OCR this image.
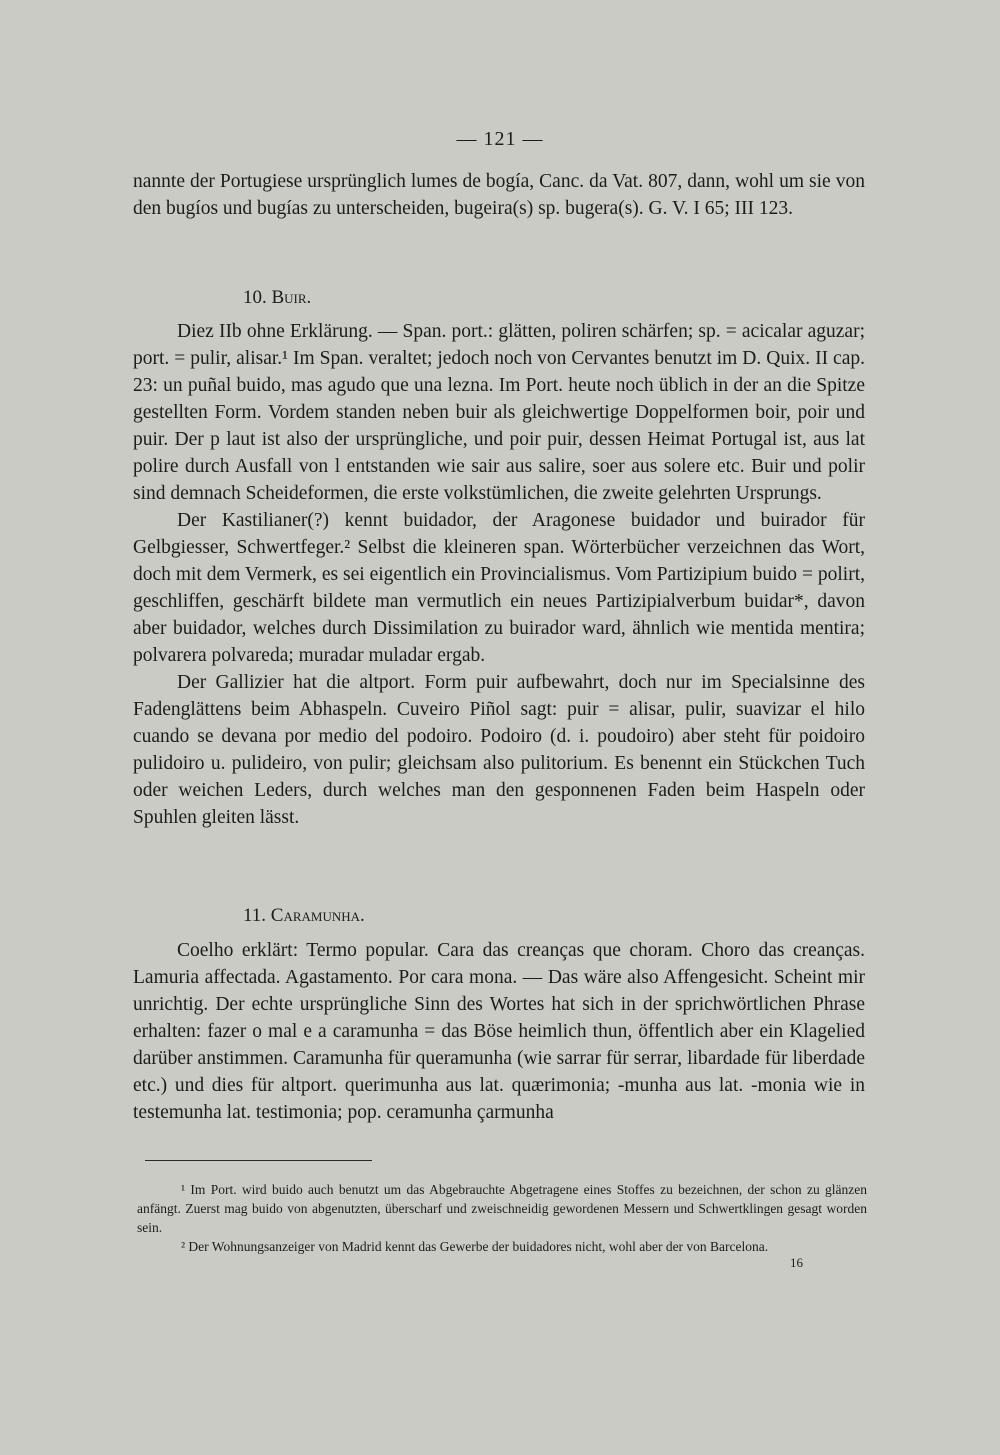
— 121 —

nannte der Portugiese ursprünglich lumes de bogía, Canc. da Vat. 807, dann, wohl um sie von den bugíos und bugías zu unterscheiden, bugeira(s) sp. bugera(s). G. V. I 65; III 123.

10. Buir.

Diez IIb ohne Erklärung. — Span. port.: glätten, poliren schärfen; sp. = acicalar aguzar; port. = pulir, alisar.¹ Im Span. veraltet; jedoch noch von Cervantes benutzt im D. Quix. II cap. 23: un puñal buido, mas agudo que una lezna. Im Port. heute noch üblich in der an die Spitze gestellten Form. Vordem standen neben buir als gleichwertige Doppelformen boir, poir und puir. Der p laut ist also der ursprüngliche, und poir puir, dessen Heimat Portugal ist, aus lat polire durch Ausfall von l entstanden wie sair aus salire, soer aus solere etc. Buir und polir sind demnach Scheideformen, die erste volkstümlichen, die zweite gelehrten Ursprungs.

Der Kastilianer(?) kennt buidador, der Aragonese buidador und buirador für Gelbgiesser, Schwertfeger.² Selbst die kleineren span. Wörterbücher verzeichnen das Wort, doch mit dem Vermerk, es sei eigentlich ein Provincialismus. Vom Partizipium buido = polirt, geschliffen, geschärft bildete man vermutlich ein neues Partizipialverbum buidar*, davon aber buidador, welches durch Dissimilation zu buirador ward, ähnlich wie mentida mentira; polvarera polvareda; muradar muladar ergab.

Der Gallizier hat die altport. Form puir aufbewahrt, doch nur im Specialsinne des Fadenglättens beim Abhaspeln. Cuveiro Piñol sagt: puir = alisar, pulir, suavizar el hilo cuando se devana por medio del podoiro. Podoiro (d. i. poudoiro) aber steht für poidoiro pulidoiro u. pulideiro, von pulir; gleichsam also pulitorium. Es benennt ein Stückchen Tuch oder weichen Leders, durch welches man den gesponnenen Faden beim Haspeln oder Spuhlen gleiten lässt.

11. Caramunha.

Coelho erklärt: Termo popular. Cara das creanças que choram. Choro das creanças. Lamuria affectada. Agastamento. Por cara mona. — Das wäre also Affengesicht. Scheint mir unrichtig. Der echte ursprüngliche Sinn des Wortes hat sich in der sprichwörtlichen Phrase erhalten: fazer o mal e a caramunha = das Böse heimlich thun, öffentlich aber ein Klagelied darüber anstimmen. Caramunha für queramunha (wie sarrar für serrar, libardade für liberdade etc.) und dies für altport. querimunha aus lat. quærimonia; -munha aus lat. -monia wie in testemunha lat. testimonia; pop. ceramunha çarmunha

¹ Im Port. wird buido auch benutzt um das Abgebrauchte Abgetragene eines Stoffes zu bezeichnen, der schon zu glänzen anfängt. Zuerst mag buido von abgenutzten, überscharf und zweischneidig gewordenen Messern und Schwertklingen gesagt worden sein.

² Der Wohnungsanzeiger von Madrid kennt das Gewerbe der buidadores nicht, wohl aber der von Barcelona.

16
